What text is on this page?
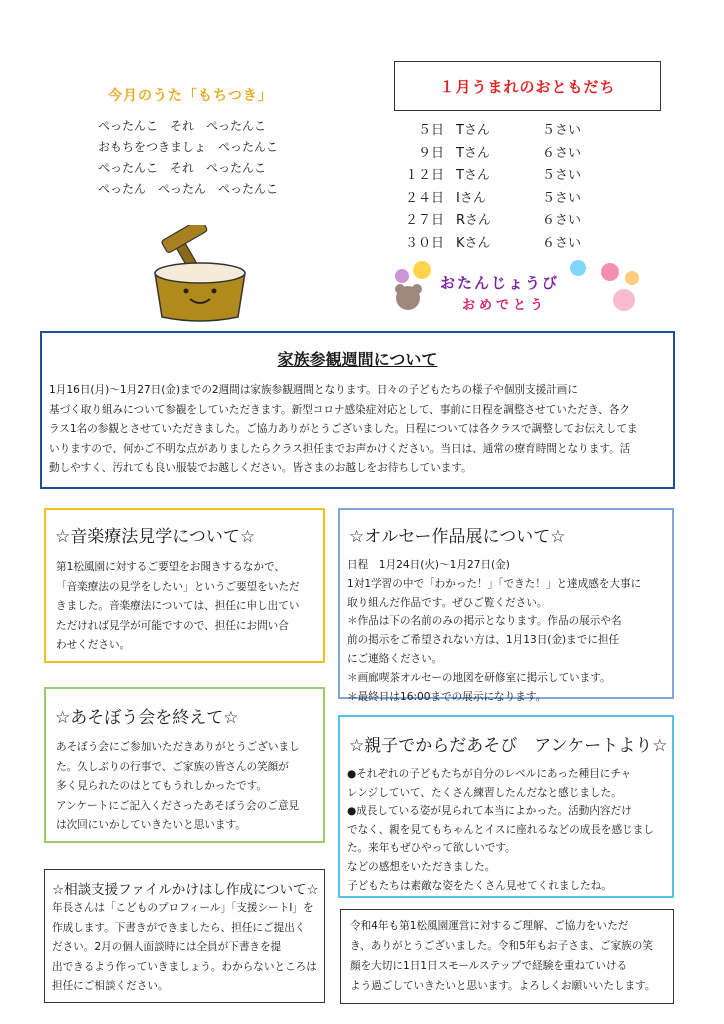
今月のうた「もちつき」
ぺったんこ　それ　ぺったんこ
おもちをつきましょ　ぺったんこ
ぺったんこ　それ　ぺったんこ
ぺったん　ぺったん　ぺったんこ
１月うまれのおともだち
５日 Tさん	５さい
９日 Tさん	６さい
１２日 Tさん	５さい
２４日 Iさん	５さい
２７日 Rさん	６さい
３０日 Kさん	６さい
おたんじょうび
おめでとう
家族参観週間について
1月16日(月)～1月27日(金)までの2週間は家族参観週間となります。日々の子どもたちの様子や個別支援計画に
基づく取り組みについて参観をしていただきます。新型コロナ感染症対応として、事前に日程を調整させていただき、各ク
ラス1名の参観とさせていただきました。ご協力ありがとうございました。日程については各クラスで調整してお伝えしてま
いりますので、何かご不明な点がありましたらクラス担任までお声かけください。当日は、通常の療育時間となります。活
動しやすく、汚れても良い服装でお越しください。皆さまのお越しをお待ちしています。
☆音楽療法見学について☆
第1松風園に対するご要望をお聞きするなかで、
「音楽療法の見学をしたい」というご要望をいただ
きました。音楽療法については、担任に申し出てい
ただければ見学が可能ですので、担任にお問い合
わせください。
☆オルセー作品展について☆
日程　1月24日(火)～1月27日(金)
1対1学習の中で「わかった！」「できた！」と達成感を大事に
取り組んだ作品です。ぜひご覧ください。
＊作品は下の名前のみの掲示となります。作品の展示や名
前の掲示をご希望されない方は、1月13日(金)までに担任
にご連絡ください。
＊画廊喫茶オルセーの地図を研修室に掲示しています。
＊最終日は16:00までの展示になります。
☆あそぼう会を終えて☆
あそぼう会にご参加いただきありがとうございまし
た。久しぶりの行事で、ご家族の皆さんの笑顔が
多く見られたのはとてもうれしかったです。
アンケートにご記入くださったあそぼう会のご意見
は次回にいかしていきたいと思います。
☆親子でからだあそび　アンケートより☆
●それぞれの子どもたちが自分のレベルにあった種目にチャ
レンジしていて、たくさん練習したんだなと感じました。
●成長している姿が見られて本当によかった。活動内容だけ
でなく、親を見てもちゃんとイスに座れるなどの成長を感じまし
た。来年もぜひやって欲しいです。
などの感想をいただきました。
子どもたちは素敵な姿をたくさん見せてくれましたね。
☆相談支援ファイルかけはし作成について☆
年長さんは「こどものプロフィール」「支援シートⅠ」を
作成します。下書きができましたら、担任にご提出く
ださい。2月の個人面談時には全員が下書きを提
出できるよう作っていきましょう。わからないところは
担任にご相談ください。
令和4年も第1松風園運営に対するご理解、ご協力をいただ
き、ありがとうございました。令和5年もお子さま、ご家族の笑
顔を大切に1日1日スモールステップで経験を重ねていける
よう過ごしていきたいと思います。よろしくお願いいたします。
